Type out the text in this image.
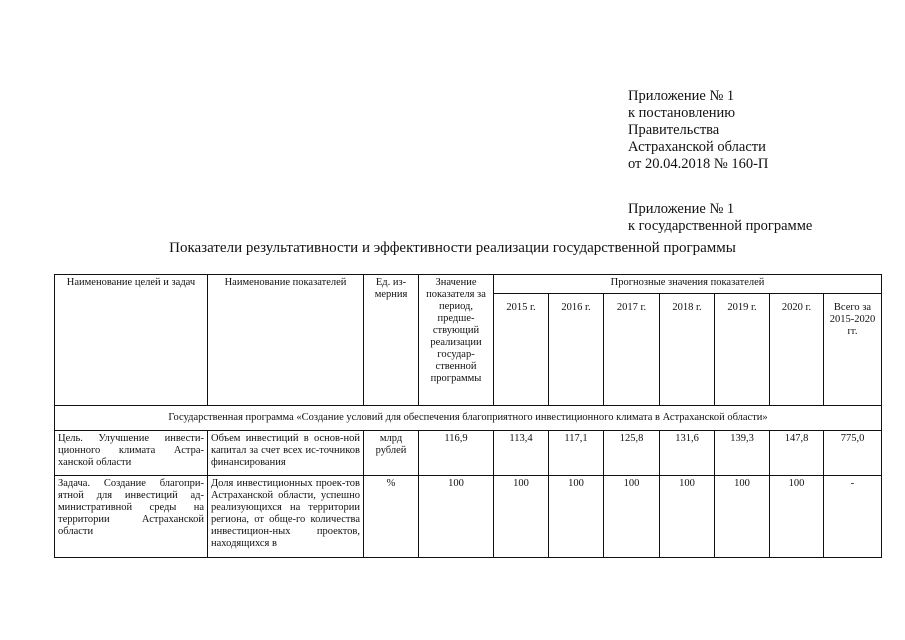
Приложение № 1
к постановлению
Правительства
Астраханской области
от 20.04.2018 № 160-П
Приложение № 1
к государственной программе
Показатели результативности и эффективности реализации государственной программы
Наименование целей и задач	Наименование показателей	Ед. из-мерния	Значение показателя за период, предше-ствующий реализации государ-ственной программы	Прогнозные значения показателей						
				2015 г.	2016 г.	2017 г.	2018 г.	2019 г.	2020 г.	Всего за 2015-2020 гг.
Государственная программа «Создание условий для обеспечения благоприятного инвестиционного климата в Астраханской области»										
Цель. Улучшение инвести-ционного климата Астра-ханской области	Объем инвестиций в основ-ной капитал за счет всех ис-точников финансирования	млрд рублей	116,9	113,4	117,1	125,8	131,6	139,3	147,8	775,0
Задача. Создание благопри-ятной для инвестиций ад-министративной среды на территории Астраханской области	Доля инвестиционных проек-тов Астраханской области, успешно реализующихся на территории региона, от обще-го количества инвестицион-ных проектов, находящихся в	%	100	100	100	100	100	100	100	-
